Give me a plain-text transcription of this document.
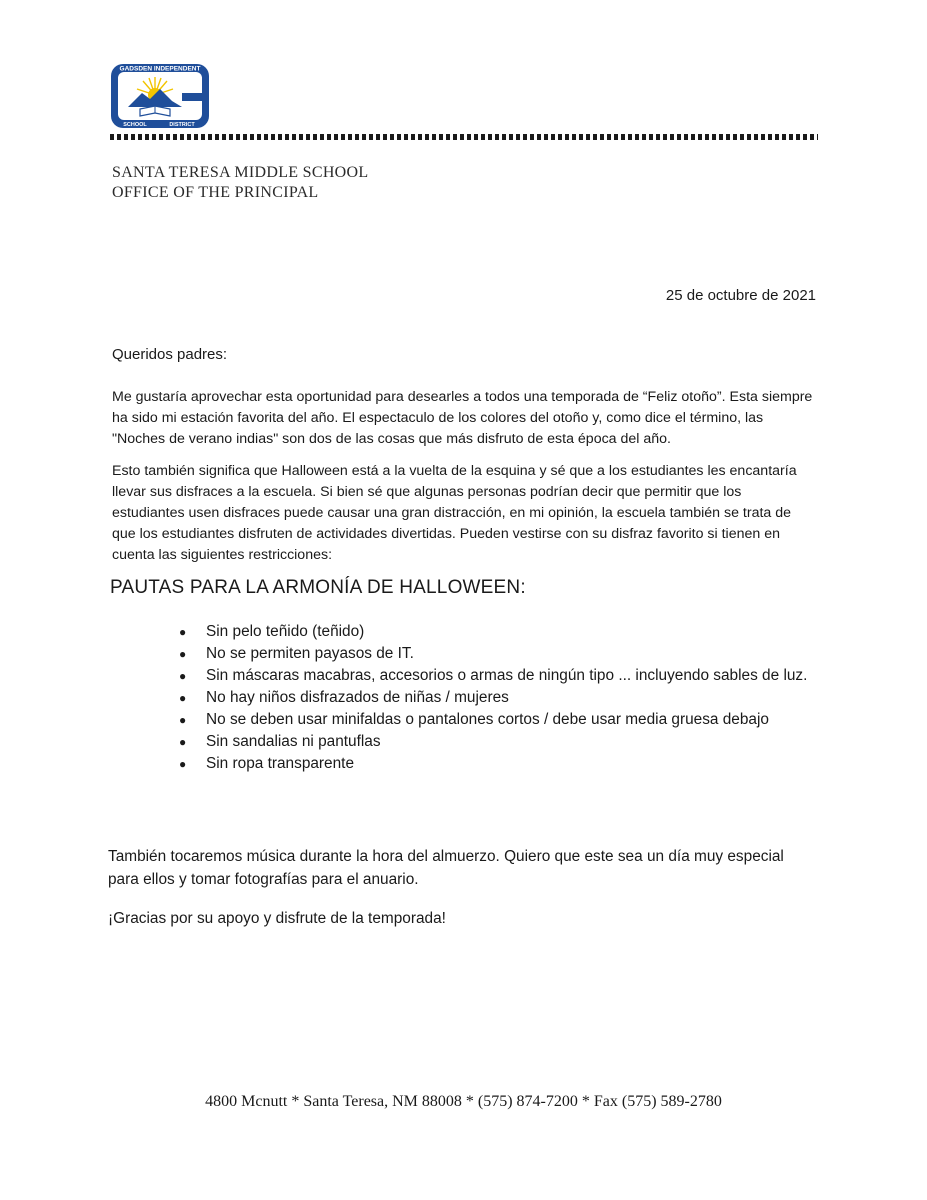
GADSDEN INDEPENDENT
SCHOOL	DISTRICT
SANTA TERESA MIDDLE SCHOOL
OFFICE OF THE PRINCIPAL
25 de octubre de 2021
Queridos padres:
Me gustaría aprovechar esta oportunidad para desearles a todos una temporada de “Feliz otoño”. Esta siempre ha sido mi estación favorita del año. El espectaculo de los colores del otoño y, como dice el término, las "Noches de verano indias" son dos de las cosas que más disfruto de esta época del año.
Esto también significa que Halloween está a la vuelta de la esquina y sé que a los estudiantes les encantaría llevar sus disfraces a la escuela. Si bien sé que algunas personas podrían decir que permitir que los estudiantes usen disfraces puede causar una gran distracción, en mi opinión, la escuela también se trata de que los estudiantes disfruten de actividades divertidas. Pueden vestirse con su disfraz favorito si tienen en cuenta las siguientes restricciones:
PAUTAS PARA LA ARMONÍA DE HALLOWEEN:
● Sin pelo teñido (teñido)
● No se permiten payasos de IT.
● Sin máscaras macabras, accesorios o armas de ningún tipo ... incluyendo sables de luz.
● No hay niños disfrazados de niñas / mujeres
● No se deben usar minifaldas o pantalones cortos / debe usar media gruesa debajo
● Sin sandalias ni pantuflas
● Sin ropa transparente
También tocaremos música durante la hora del almuerzo. Quiero que este sea un día muy especial para ellos y tomar fotografías para el anuario.
¡Gracias por su apoyo y disfrute de la temporada!
4800 Mcnutt * Santa Teresa, NM 88008 * (575) 874-7200 * Fax (575) 589-2780
